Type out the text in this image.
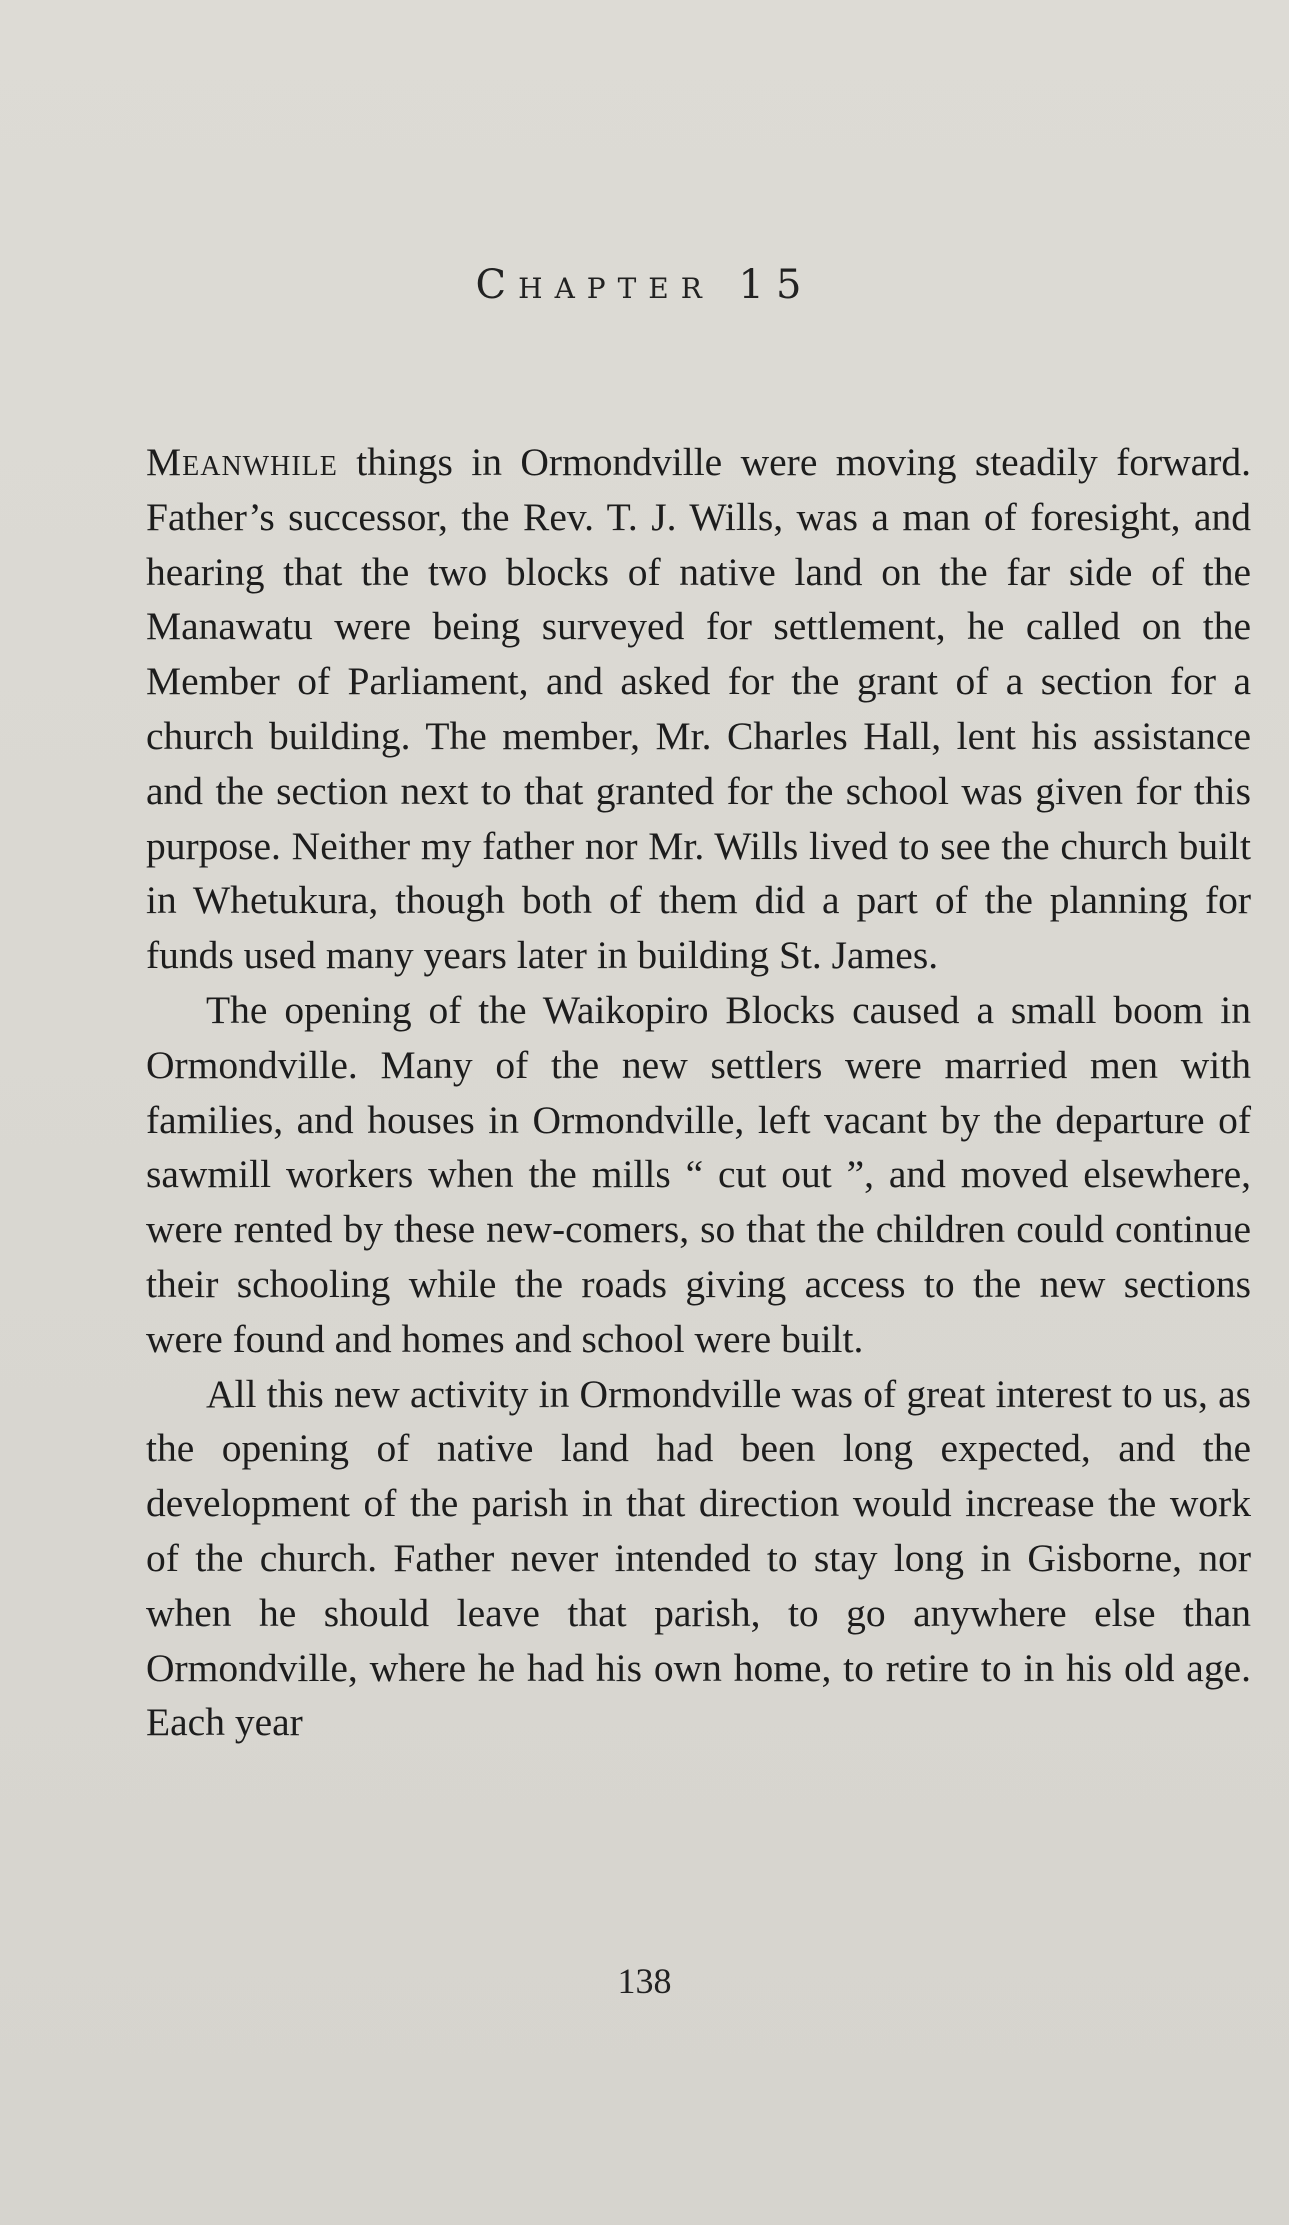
Chapter 15

Meanwhile things in Ormondville were moving steadily forward. Father’s successor, the Rev. T. J. Wills, was a man of foresight, and hearing that the two blocks of native land on the far side of the Manawatu were being surveyed for settlement, he called on the Member of Parliament, and asked for the grant of a section for a church building. The member, Mr. Charles Hall, lent his assistance and the section next to that granted for the school was given for this purpose. Neither my father nor Mr. Wills lived to see the church built in Whetukura, though both of them did a part of the planning for funds used many years later in building St. James.

The opening of the Waikopiro Blocks caused a small boom in Ormondville. Many of the new settlers were married men with families, and houses in Ormondville, left vacant by the departure of sawmill workers when the mills “ cut out ”, and moved elsewhere, were rented by these new-comers, so that the children could continue their schooling while the roads giving access to the new sections were found and homes and school were built.

All this new activity in Ormondville was of great interest to us, as the opening of native land had been long expected, and the development of the parish in that direction would increase the work of the church. Father never intended to stay long in Gisborne, nor when he should leave that parish, to go anywhere else than Ormondville, where he had his own home, to retire to in his old age. Each year

138
